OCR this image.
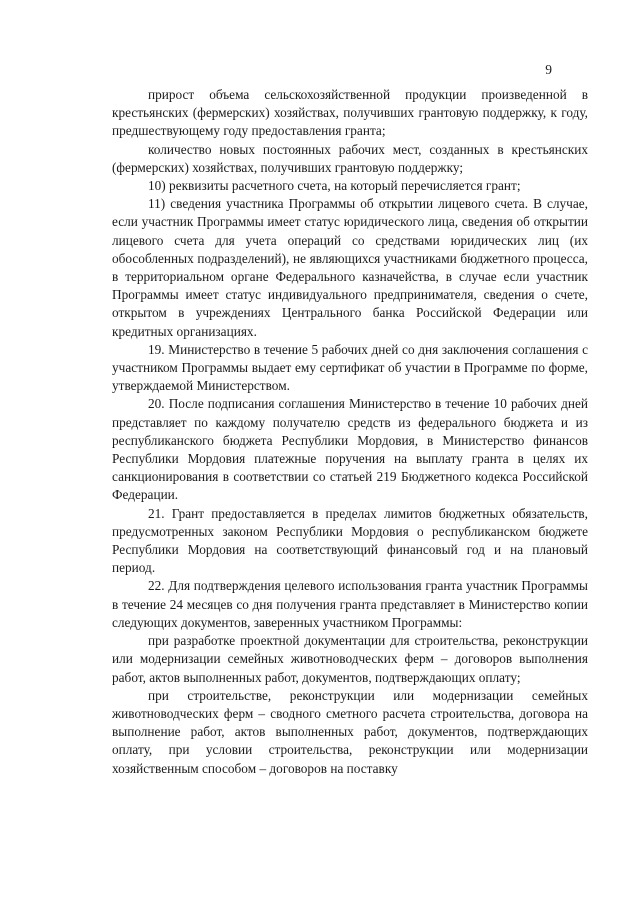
9

прирост объема сельскохозяйственной продукции произведенной в крестьянских (фермерских) хозяйствах, получивших грантовую поддержку, к году, предшествующему году предоставления гранта;

количество новых постоянных рабочих мест, созданных в крестьянских (фермерских) хозяйствах, получивших грантовую поддержку;

10) реквизиты расчетного счета, на который перечисляется грант;

11) сведения участника Программы об открытии лицевого счета. В случае, если участник Программы имеет статус юридического лица, сведения об открытии лицевого счета для учета операций со средствами юридических лиц (их обособленных подразделений), не являющихся участниками бюджетного процесса, в территориальном органе Федерального казначейства, в случае если участник Программы имеет статус индивидуального предпринимателя, сведения о счете, открытом в учреждениях Центрального банка Российской Федерации или кредитных организациях.

19. Министерство в течение 5 рабочих дней со дня заключения соглашения с участником Программы выдает ему сертификат об участии в Программе по форме, утверждаемой Министерством.

20. После подписания соглашения Министерство в течение 10 рабочих дней представляет по каждому получателю средств из федерального бюджета и из республиканского бюджета Республики Мордовия, в Министерство финансов Республики Мордовия платежные поручения на выплату гранта в целях их санкционирования в соответствии со статьей 219 Бюджетного кодекса Российской Федерации.

21. Грант предоставляется в пределах лимитов бюджетных обязательств, предусмотренных законом Республики Мордовия о республиканском бюджете Республики Мордовия на соответствующий финансовый год и на плановый период.

22. Для подтверждения целевого использования гранта участник Программы в течение 24 месяцев со дня получения гранта представляет в Министерство копии следующих документов, заверенных участником Программы:

при разработке проектной документации для строительства, реконструкции или модернизации семейных животноводческих ферм – договоров выполнения работ, актов выполненных работ, документов, подтверждающих оплату;

при строительстве, реконструкции или модернизации семейных животноводческих ферм – сводного сметного расчета строительства, договора на выполнение работ, актов выполненных работ, документов, подтверждающих оплату, при условии строительства, реконструкции или модернизации хозяйственным способом – договоров на поставку
